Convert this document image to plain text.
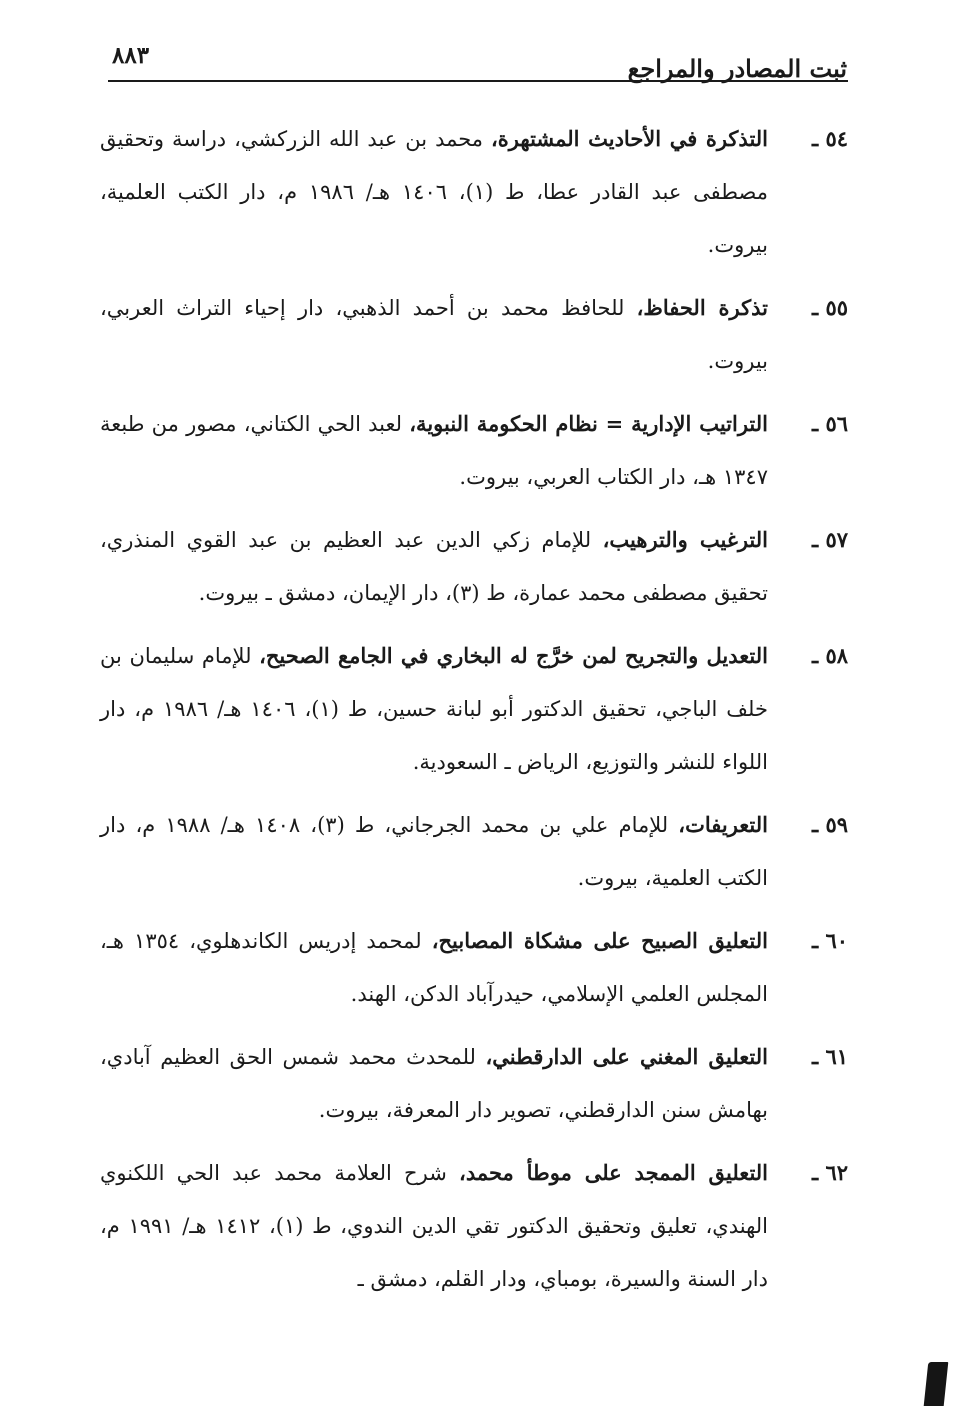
ثبت المصادر والمراجع
٨٨٣
٥٤ ـ
التذكرة في الأحاديث المشتهرة، محمد بن عبد الله الزركشي، دراسة وتحقيق مصطفى عبد القادر عطا، ط (١)، ١٤٠٦ هـ/ ١٩٨٦ م، دار الكتب العلمية، بيروت.
٥٥ ـ
تذكرة الحفاظ، للحافظ محمد بن أحمد الذهبي، دار إحياء التراث العربي، بيروت.
٥٦ ـ
التراتيب الإدارية = نظام الحكومة النبوية، لعبد الحي الكتاني، مصور من طبعة ١٣٤٧ هـ، دار الكتاب العربي، بيروت.
٥٧ ـ
الترغيب والترهيب، للإمام زكي الدين عبد العظيم بن عبد القوي المنذري، تحقيق مصطفى محمد عمارة، ط (٣)، دار الإيمان، دمشق ـ بيروت.
٥٨ ـ
التعديل والتجريح لمن خرَّج له البخاري في الجامع الصحيح، للإمام سليمان بن خلف الباجي، تحقيق الدكتور أبو لبانة حسين، ط (١)، ١٤٠٦ هـ/ ١٩٨٦ م، دار اللواء للنشر والتوزيع، الرياض ـ السعودية.
٥٩ ـ
التعريفات، للإمام علي بن محمد الجرجاني، ط (٣)، ١٤٠٨ هـ/ ١٩٨٨ م، دار الكتب العلمية، بيروت.
٦٠ ـ
التعليق الصبيح على مشكاة المصابيح، لمحمد إدريس الكاندهلوي، ١٣٥٤ هـ، المجلس العلمي الإسلامي، حيدرآباد الدكن، الهند.
٦١ ـ
التعليق المغني على الدارقطني، للمحدث محمد شمس الحق العظيم آبادي، بهامش سنن الدارقطني، تصوير دار المعرفة، بيروت.
٦٢ ـ
التعليق الممجد على موطأ محمد، شرح العلامة محمد عبد الحي اللكنوي الهندي، تعليق وتحقيق الدكتور تقي الدين الندوي، ط (١)، ١٤١٢ هـ/ ١٩٩١ م، دار السنة والسيرة، بومباي، ودار القلم، دمشق ـ
